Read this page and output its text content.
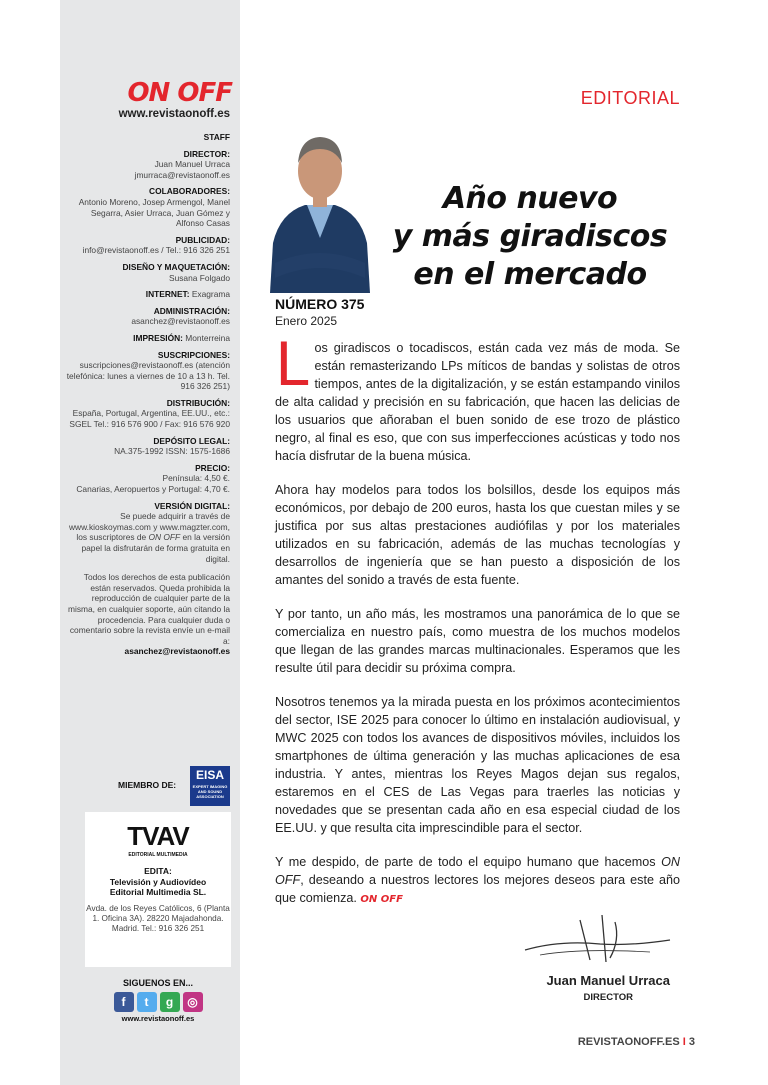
ON OFF
www.revistaonoff.es
STAFF
DIRECTOR:
Juan Manuel Urraca
jmurraca@revistaonoff.es
COLABORADORES:
Antonio Moreno, Josep Armengol, Manel Segarra, Asier Urraca, Juan Gómez y Alfonso Casas
PUBLICIDAD:
info@revistaonoff.es / Tel.: 916 326 251
DISEÑO Y MAQUETACIÓN:
Susana Folgado
INTERNET: Exagrama
ADMINISTRACIÓN:
asanchez@revistaonoff.es
IMPRESIÓN: Monterreina
SUSCRIPCIONES:
suscripciones@revistaonoff.es (atención telefónica: lunes a viernes de 10 a 13 h. Tel. 916 326 251)
DISTRIBUCIÓN:
España, Portugal, Argentina, EE.UU., etc.: SGEL Tel.: 916 576 900 / Fax: 916 576 920
DEPÓSITO LEGAL:
NA.375-1992 ISSN: 1575-1686
PRECIO:
Península: 4,50 €.
Canarias, Aeropuertos y Portugal: 4,70 €.
VERSIÓN DIGITAL:
Se puede adquirir a través de www.kioskoymas.com y www.magzter.com, los suscriptores de ON OFF en la versión papel la disfrutarán de forma gratuita en digital.
Todos los derechos de esta publicación están reservados. Queda prohibida la reproducción de cualquier parte de la misma, en cualquier soporte, aún citando la procedencia. Para cualquier duda o comentario sobre la revista envíe un e-mail a:
asanchez@revistaonoff.es
MIEMBRO DE:
EISA
EXPERT IMAGING AND SOUND ASSOCIATION
TVAV
EDITORIAL MULTIMEDIA
EDITA:
Televisión y Audiovídeo
Editorial Multimedia SL.
Avda. de los Reyes Católicos, 6 (Planta 1. Oficina 3A). 28220 Majadahonda. Madrid. Tel.: 916 326 251
SIGUENOS EN...
f	t	g	◎
www.revistaonoff.es
EDITORIAL
NÚMERO 375
Enero 2025
Año nuevo
y más giradiscos
en el mercado

Los giradiscos o tocadiscos, están cada vez más de moda. Se están remasterizando LPs míticos de bandas y solistas de otros tiempos, antes de la digitalización, y se están estampando vinilos de alta calidad y precisión en su fabricación, que hacen las delicias de los usuarios que añoraban el buen sonido de ese trozo de plástico negro, al final es eso, que con sus imperfecciones acústicas y todo nos hacía disfrutar de la buena música.

Ahora hay modelos para todos los bolsillos, desde los equipos más económicos, por debajo de 200 euros, hasta los que cuestan miles y se justifica por sus altas prestaciones audiófilas y por los materiales utilizados en su fabricación, además de las muchas tecnologías y desarrollos de ingeniería que se han puesto a disposición de los amantes del sonido a través de esta fuente.

Y por tanto, un año más, les mostramos una panorámica de lo que se comercializa en nuestro país, como muestra de los muchos modelos que llegan de las grandes marcas multinacionales. Esperamos que les resulte útil para decidir su próxima compra.

Nosotros tenemos ya la mirada puesta en los próximos acontecimientos del sector, ISE 2025 para conocer lo último en instalación audiovisual, y MWC 2025 con todos los avances de dispositivos móviles, incluidos los smartphones de última generación y las muchas aplicaciones de esa industria. Y antes, mientras los Reyes Magos dejan sus regalos, estaremos en el CES de Las Vegas para traerles las noticias y novedades que se presentan cada año en esa especial ciudad de los EE.UU. y que resulta cita imprescindible para el sector.

Y me despido, de parte de todo el equipo humano que hacemos ON OFF, deseando a nuestros lectores los mejores deseos para este año que comienza. ON OFF

Juan Manuel Urraca
DIRECTOR
REVISTAONOFF.ES I 3
